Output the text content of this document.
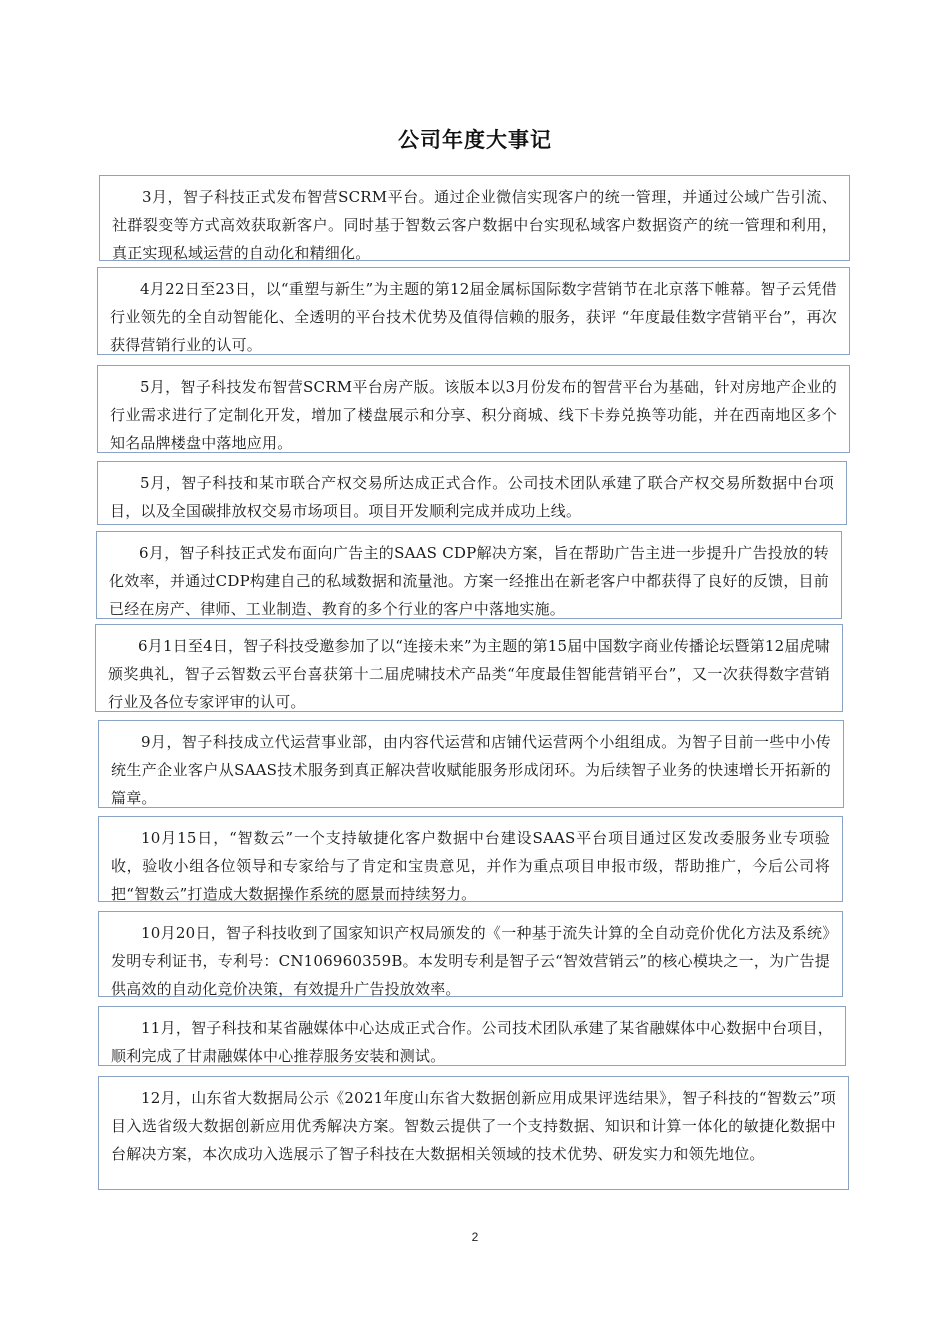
公司年度大事记

3月，智子科技正式发布智营SCRM平台。通过企业微信实现客户的统一管理，并通过公域广告引流、社群裂变等方式高效获取新客户。同时基于智数云客户数据中台实现私域客户数据资产的统一管理和利用，真正实现私域运营的自动化和精细化。

4月22日至23日，以“重塑与新生”为主题的第12届金属标国际数字营销节在北京落下帷幕。智子云凭借行业领先的全自动智能化、全透明的平台技术优势及值得信赖的服务，获评 “年度最佳数字营销平台”，再次获得营销行业的认可。

5月，智子科技发布智营SCRM平台房产版。该版本以3月份发布的智营平台为基础，针对房地产企业的行业需求进行了定制化开发，增加了楼盘展示和分享、积分商城、线下卡券兑换等功能，并在西南地区多个知名品牌楼盘中落地应用。

5月，智子科技和某市联合产权交易所达成正式合作。公司技术团队承建了联合产权交易所数据中台项目，以及全国碳排放权交易市场项目。项目开发顺利完成并成功上线。

6月，智子科技正式发布面向广告主的SAAS CDP解决方案，旨在帮助广告主进一步提升广告投放的转化效率，并通过CDP构建自己的私域数据和流量池。方案一经推出在新老客户中都获得了良好的反馈，目前已经在房产、律师、工业制造、教育的多个行业的客户中落地实施。

6月1日至4日，智子科技受邀参加了以“连接未来”为主题的第15届中国数字商业传播论坛暨第12届虎啸颁奖典礼，智子云智数云平台喜获第十二届虎啸技术产品类“年度最佳智能营销平台”，又一次获得数字营销行业及各位专家评审的认可。

9月，智子科技成立代运营事业部，由内容代运营和店铺代运营两个小组组成。为智子目前一些中小传统生产企业客户从SAAS技术服务到真正解决营收赋能服务形成闭环。为后续智子业务的快速增长开拓新的篇章。

10月15日，“智数云”一个支持敏捷化客户数据中台建设SAAS平台项目通过区发改委服务业专项验收，验收小组各位领导和专家给与了肯定和宝贵意见，并作为重点项目申报市级，帮助推广，今后公司将把“智数云”打造成大数据操作系统的愿景而持续努力。

10月20日，智子科技收到了国家知识产权局颁发的《一种基于流失计算的全自动竞价优化方法及系统》发明专利证书，专利号：CN106960359B。本发明专利是智子云“智效营销云”的核心模块之一，为广告提供高效的自动化竞价决策，有效提升广告投放效率。

11月，智子科技和某省融媒体中心达成正式合作。公司技术团队承建了某省融媒体中心数据中台项目，顺利完成了甘肃融媒体中心推荐服务安装和测试。

12月，山东省大数据局公示《2021年度山东省大数据创新应用成果评选结果》，智子科技的“智数云”项目入选省级大数据创新应用优秀解决方案。智数云提供了一个支持数据、知识和计算一体化的敏捷化数据中台解决方案，本次成功入选展示了智子科技在大数据相关领域的技术优势、研发实力和领先地位。

2
